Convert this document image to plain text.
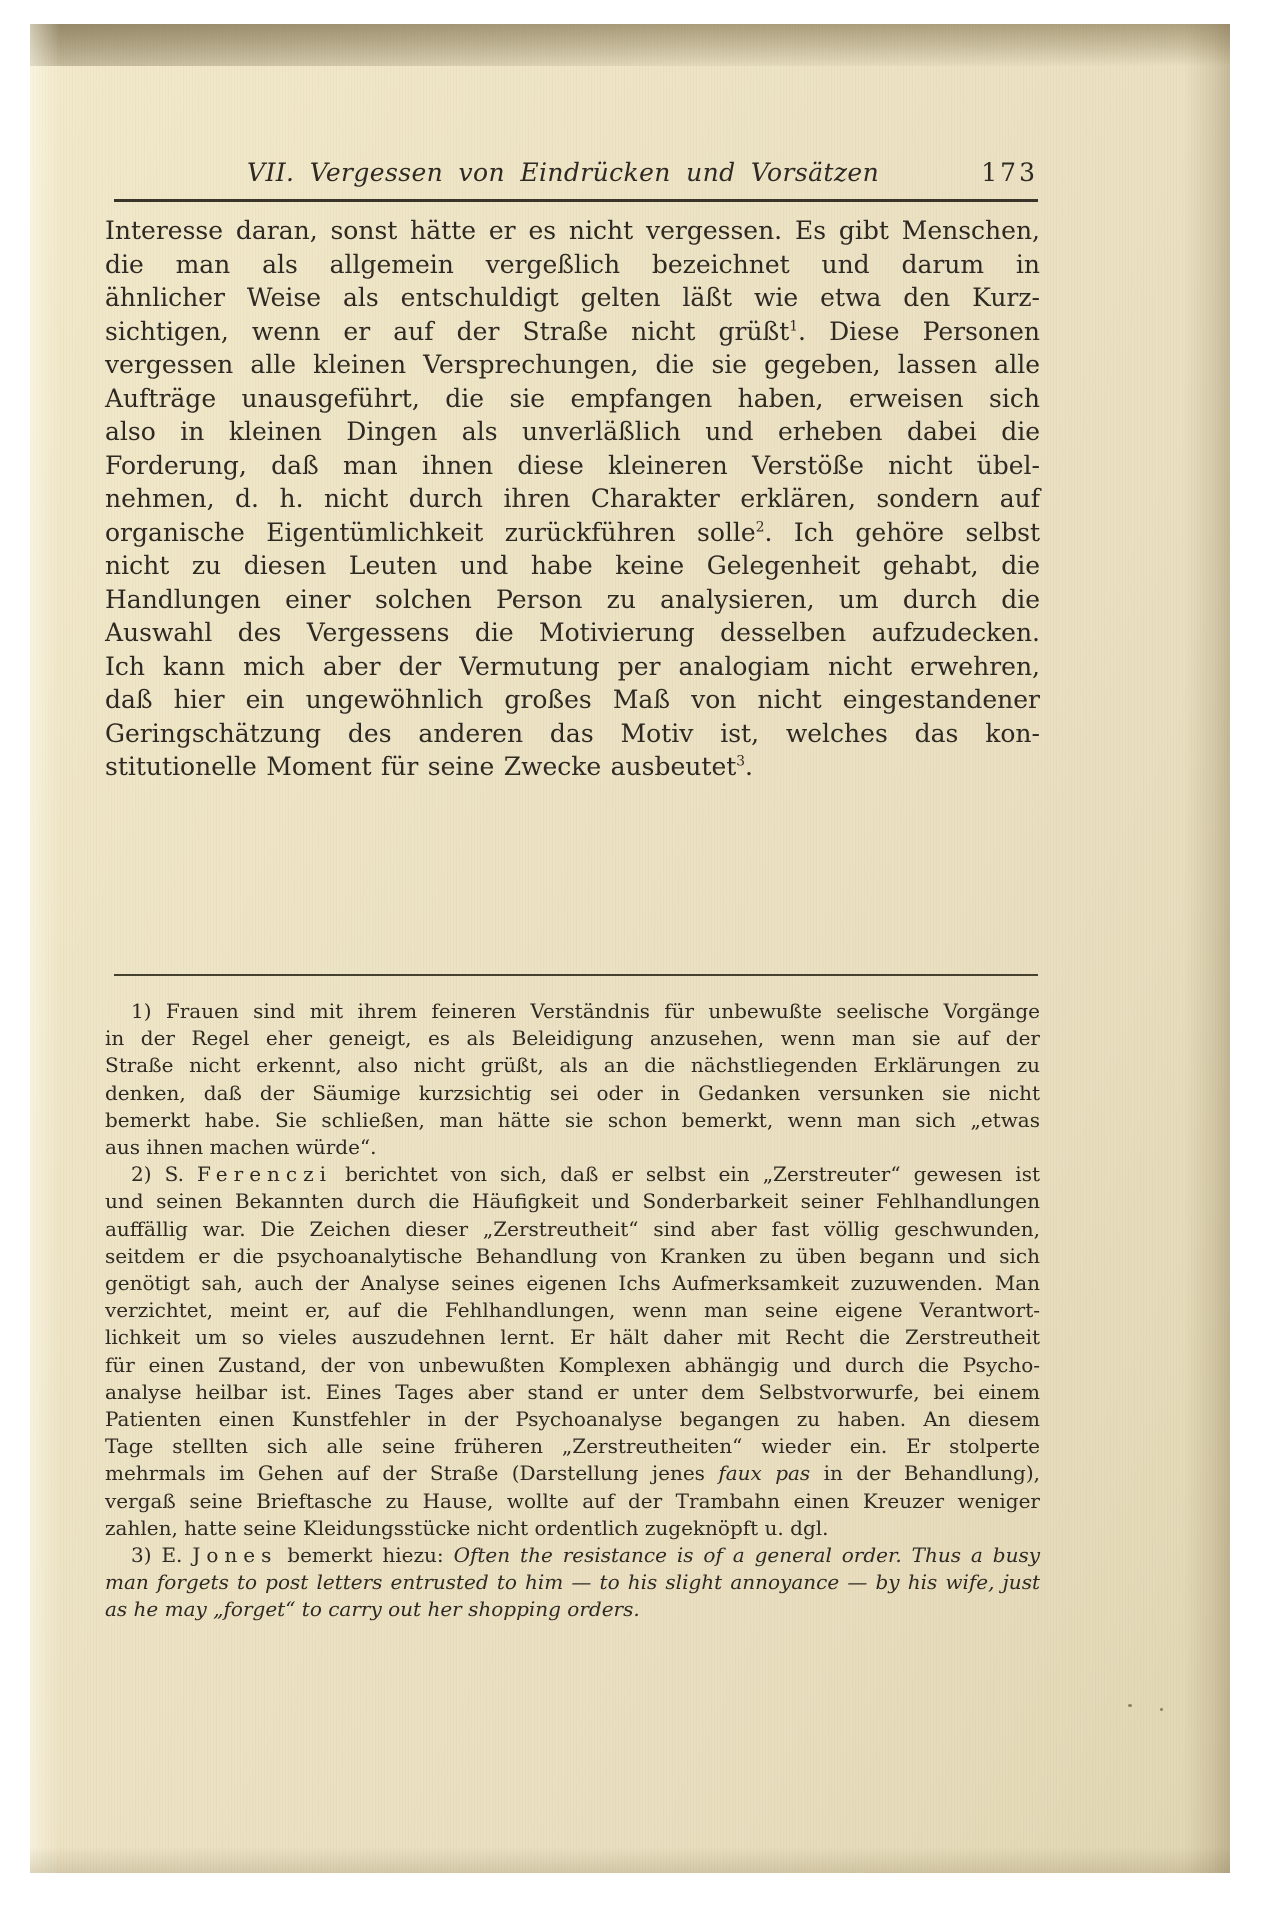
VII. Vergessen von Eindrücken und Vorsätzen	173
Interesse daran, sonst hätte er es nicht vergessen. Es gibt Menschen,
die man als allgemein vergeßlich bezeichnet und darum in
ähnlicher Weise als entschuldigt gelten läßt wie etwa den Kurz-
sichtigen, wenn er auf der Straße nicht grüßt$^1$. Diese Personen
vergessen alle kleinen Versprechungen, die sie gegeben, lassen alle
Aufträge unausgeführt, die sie empfangen haben, erweisen sich
also in kleinen Dingen als unverläßlich und erheben dabei die
Forderung, daß man ihnen diese kleineren Verstöße nicht übel-
nehmen, d. h. nicht durch ihren Charakter erklären, sondern auf
organische Eigentümlichkeit zurückführen solle$^2$. Ich gehöre selbst
nicht zu diesen Leuten und habe keine Gelegenheit gehabt, die
Handlungen einer solchen Person zu analysieren, um durch die
Auswahl des Vergessens die Motivierung desselben aufzudecken.
Ich kann mich aber der Vermutung per analogiam nicht erwehren,
daß hier ein ungewöhnlich großes Maß von nicht eingestandener
Geringschätzung des anderen das Motiv ist, welches das kon-
stitutionelle Moment für seine Zwecke ausbeutet$^3$.
1) Frauen sind mit ihrem feineren Verständnis für unbewußte seelische Vorgänge
in der Regel eher geneigt, es als Beleidigung anzusehen, wenn man sie auf der
Straße nicht erkennt, also nicht grüßt, als an die nächstliegenden Erklärungen zu
denken, daß der Säumige kurzsichtig sei oder in Gedanken versunken sie nicht
bemerkt habe. Sie schließen, man hätte sie schon bemerkt, wenn man sich „etwas
aus ihnen machen würde“.
2) S. Ferenczi berichtet von sich, daß er selbst ein „Zerstreuter“ gewesen ist
und seinen Bekannten durch die Häufigkeit und Sonderbarkeit seiner Fehlhandlungen
auffällig war. Die Zeichen dieser „Zerstreutheit“ sind aber fast völlig geschwunden,
seitdem er die psychoanalytische Behandlung von Kranken zu üben begann und sich
genötigt sah, auch der Analyse seines eigenen Ichs Aufmerksamkeit zuzuwenden. Man
verzichtet, meint er, auf die Fehlhandlungen, wenn man seine eigene Verantwort-
lichkeit um so vieles auszudehnen lernt. Er hält daher mit Recht die Zerstreutheit
für einen Zustand, der von unbewußten Komplexen abhängig und durch die Psycho-
analyse heilbar ist. Eines Tages aber stand er unter dem Selbstvorwurfe, bei einem
Patienten einen Kunstfehler in der Psychoanalyse begangen zu haben. An diesem
Tage stellten sich alle seine früheren „Zerstreutheiten“ wieder ein. Er stolperte
mehrmals im Gehen auf der Straße (Darstellung jenes faux pas in der Behandlung),
vergaß seine Brieftasche zu Hause, wollte auf der Trambahn einen Kreuzer weniger
zahlen, hatte seine Kleidungsstücke nicht ordentlich zugeknöpft u. dgl.
3) E. Jones bemerkt hiezu: Often the resistance is of a general order. Thus a busy
man forgets to post letters entrusted to him — to his slight annoyance — by his wife, just
as he may „forget“ to carry out her shopping orders.
